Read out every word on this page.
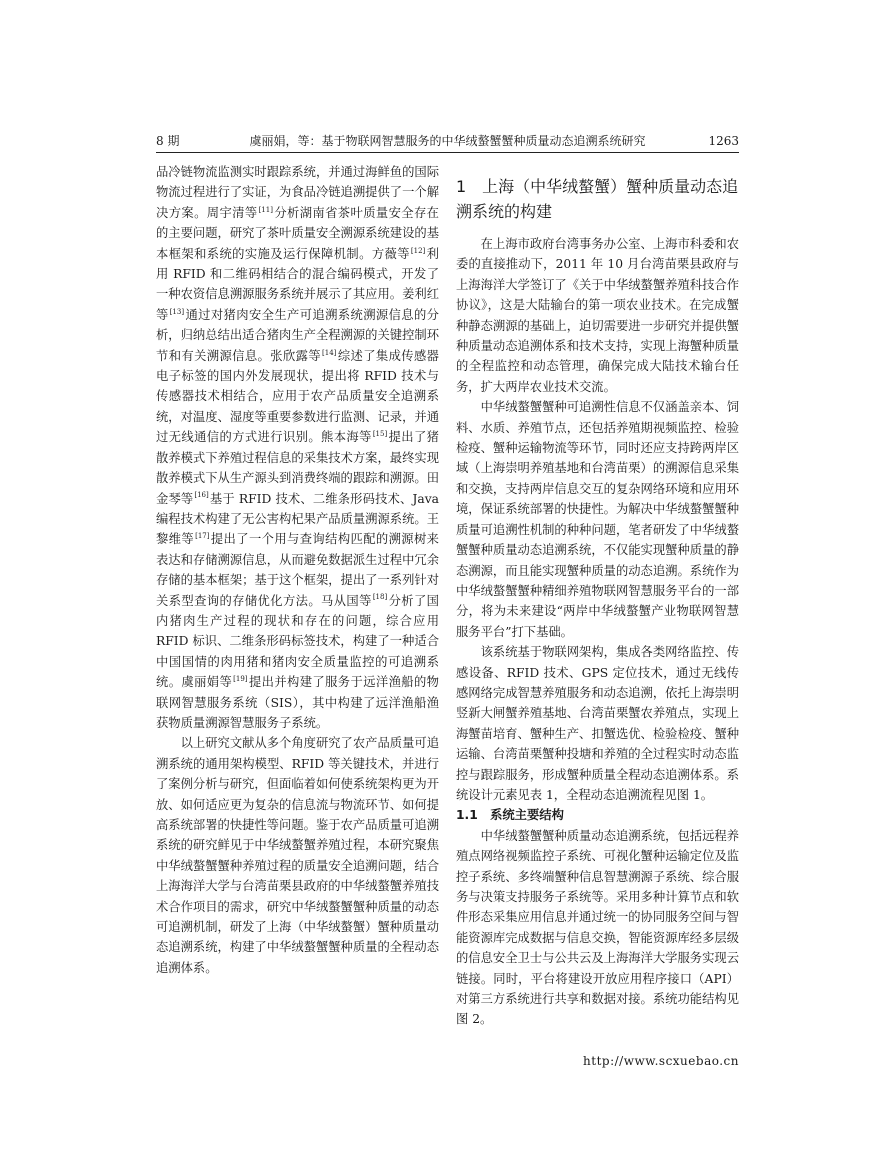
8 期	虞丽娟，等：基于物联网智慧服务的中华绒螯蟹蟹种质量动态追溯系统研究	1263

品冷链物流监测实时跟踪系统，并通过海鲜鱼的国际物流过程进行了实证，为食品冷链追溯提供了一个解决方案。周宇清等[11]分析湖南省茶叶质量安全存在的主要问题，研究了茶叶质量安全溯源系统建设的基本框架和系统的实施及运行保障机制。方薇等[12]利用 RFID 和二维码相结合的混合编码模式，开发了一种农资信息溯源服务系统并展示了其应用。姜利红等[13]通过对猪肉安全生产可追溯系统溯源信息的分析，归纳总结出适合猪肉生产全程溯源的关键控制环节和有关溯源信息。张欣露等[14]综述了集成传感器电子标签的国内外发展现状，提出将 RFID 技术与传感器技术相结合，应用于农产品质量安全追溯系统，对温度、湿度等重要参数进行监测、记录，并通过无线通信的方式进行识别。熊本海等[15]提出了猪散养模式下养殖过程信息的采集技术方案，最终实现散养模式下从生产源头到消费终端的跟踪和溯源。田金琴等[16]基于 RFID 技术、二维条形码技术、Java 编程技术构建了无公害构杞果产品质量溯源系统。王黎维等[17]提出了一个用与查询结构匹配的溯源树来表达和存储溯源信息，从而避免数据派生过程中冗余存储的基本框架；基于这个框架，提出了一系列针对关系型查询的存储优化方法。马从国等[18]分析了国内猪肉生产过程的现状和存在的问题，综合应用 RFID 标识、二维条形码标签技术，构建了一种适合中国国情的肉用猪和猪肉安全质量监控的可追溯系统。虞丽娟等[19]提出并构建了服务于远洋渔船的物联网智慧服务系统（SIS），其中构建了远洋渔船渔获物质量溯源智慧服务子系统。

以上研究文献从多个角度研究了农产品质量可追溯系统的通用架构模型、RFID 等关键技术，并进行了案例分析与研究，但面临着如何使系统架构更为开放、如何适应更为复杂的信息流与物流环节、如何提高系统部署的快捷性等问题。鉴于农产品质量可追溯系统的研究鲜见于中华绒螯蟹养殖过程，本研究聚焦中华绒螯蟹蟹种养殖过程的质量安全追溯问题，结合上海海洋大学与台湾苗栗县政府的中华绒螯蟹养殖技术合作项目的需求，研究中华绒螯蟹蟹种质量的动态可追溯机制，研发了上海（中华绒螯蟹）蟹种质量动态追溯系统，构建了中华绒螯蟹蟹种质量的全程动态追溯体系。

1　上海（中华绒螯蟹）蟹种质量动态追溯系统的构建

在上海市政府台湾事务办公室、上海市科委和农委的直接推动下，2011 年 10 月台湾苗栗县政府与上海海洋大学签订了《关于中华绒螯蟹养殖科技合作协议》，这是大陆输台的第一项农业技术。在完成蟹种静态溯源的基础上，迫切需要进一步研究并提供蟹种质量动态追溯体系和技术支持，实现上海蟹种质量的全程监控和动态管理，确保完成大陆技术输台任务，扩大两岸农业技术交流。

中华绒螯蟹蟹种可追溯性信息不仅涵盖亲本、饲料、水质、养殖节点，还包括养殖期视频监控、检验检疫、蟹种运输物流等环节，同时还应支持跨两岸区域（上海崇明养殖基地和台湾苗栗）的溯源信息采集和交换，支持两岸信息交互的复杂网络环境和应用环境，保证系统部署的快捷性。为解决中华绒螯蟹蟹种质量可追溯性机制的种种问题，笔者研发了中华绒螯蟹蟹种质量动态追溯系统，不仅能实现蟹种质量的静态溯源，而且能实现蟹种质量的动态追溯。系统作为中华绒螯蟹蟹种精细养殖物联网智慧服务平台的一部分，将为未来建设“两岸中华绒螯蟹产业物联网智慧服务平台”打下基础。

该系统基于物联网架构，集成各类网络监控、传感设备、RFID 技术、GPS 定位技术，通过无线传感网络完成智慧养殖服务和动态追溯，依托上海崇明竖新大闸蟹养殖基地、台湾苗栗蟹农养殖点，实现上海蟹苗培育、蟹种生产、扣蟹选优、检验检疫、蟹种运输、台湾苗栗蟹种投塘和养殖的全过程实时动态监控与跟踪服务，形成蟹种质量全程动态追溯体系。系统设计元素见表 1，全程动态追溯流程见图 1。

1.1　系统主要结构

中华绒螯蟹蟹种质量动态追溯系统，包括远程养殖点网络视频监控子系统、可视化蟹种运输定位及监控子系统、多终端蟹种信息智慧溯源子系统、综合服务与决策支持服务子系统等。采用多种计算节点和软件形态采集应用信息并通过统一的协同服务空间与智能资源库完成数据与信息交换，智能资源库经多层级的信息安全卫士与公共云及上海海洋大学服务实现云链接。同时，平台将建设开放应用程序接口（API）对第三方系统进行共享和数据对接。系统功能结构见图 2。

http://www.scxuebao.cn
